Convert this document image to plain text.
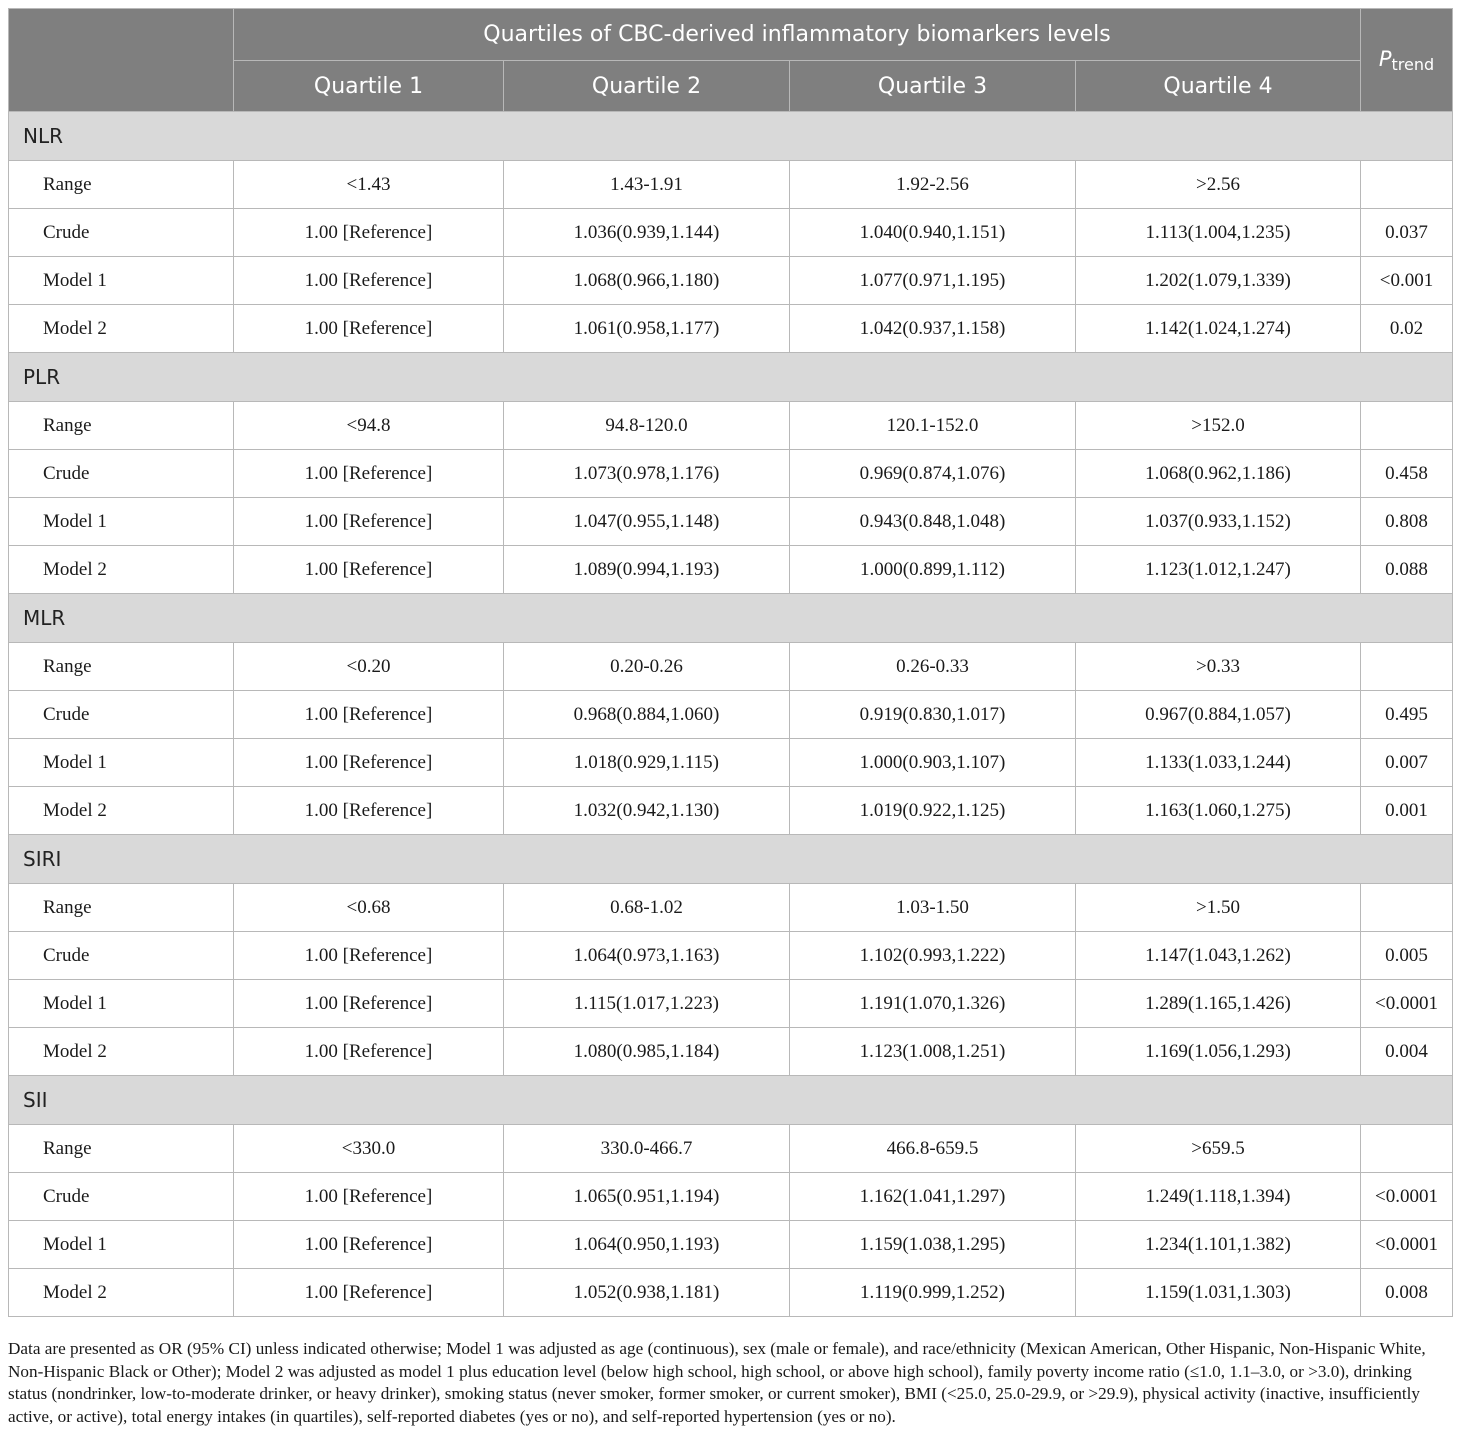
	Quartiles of CBC-derived inflammatory biomarkers levels				$P_{trend}$
	Quartile 1	Quartile 2	Quartile 3	Quartile 4	
NLR					
Range	<1.43	1.43-1.91	1.92-2.56	>2.56	
Crude	1.00 [Reference]	1.036(0.939,1.144)	1.040(0.940,1.151)	1.113(1.004,1.235)	0.037
Model 1	1.00 [Reference]	1.068(0.966,1.180)	1.077(0.971,1.195)	1.202(1.079,1.339)	<0.001
Model 2	1.00 [Reference]	1.061(0.958,1.177)	1.042(0.937,1.158)	1.142(1.024,1.274)	0.02
PLR					
Range	<94.8	94.8-120.0	120.1-152.0	>152.0	
Crude	1.00 [Reference]	1.073(0.978,1.176)	0.969(0.874,1.076)	1.068(0.962,1.186)	0.458
Model 1	1.00 [Reference]	1.047(0.955,1.148)	0.943(0.848,1.048)	1.037(0.933,1.152)	0.808
Model 2	1.00 [Reference]	1.089(0.994,1.193)	1.000(0.899,1.112)	1.123(1.012,1.247)	0.088
MLR					
Range	<0.20	0.20-0.26	0.26-0.33	>0.33	
Crude	1.00 [Reference]	0.968(0.884,1.060)	0.919(0.830,1.017)	0.967(0.884,1.057)	0.495
Model 1	1.00 [Reference]	1.018(0.929,1.115)	1.000(0.903,1.107)	1.133(1.033,1.244)	0.007
Model 2	1.00 [Reference]	1.032(0.942,1.130)	1.019(0.922,1.125)	1.163(1.060,1.275)	0.001
SIRI					
Range	<0.68	0.68-1.02	1.03-1.50	>1.50	
Crude	1.00 [Reference]	1.064(0.973,1.163)	1.102(0.993,1.222)	1.147(1.043,1.262)	0.005
Model 1	1.00 [Reference]	1.115(1.017,1.223)	1.191(1.070,1.326)	1.289(1.165,1.426)	<0.0001
Model 2	1.00 [Reference]	1.080(0.985,1.184)	1.123(1.008,1.251)	1.169(1.056,1.293)	0.004
SII					
Range	<330.0	330.0-466.7	466.8-659.5	>659.5	
Crude	1.00 [Reference]	1.065(0.951,1.194)	1.162(1.041,1.297)	1.249(1.118,1.394)	<0.0001
Model 1	1.00 [Reference]	1.064(0.950,1.193)	1.159(1.038,1.295)	1.234(1.101,1.382)	<0.0001
Model 2	1.00 [Reference]	1.052(0.938,1.181)	1.119(0.999,1.252)	1.159(1.031,1.303)	0.008
Data are presented as OR (95% CI) unless indicated otherwise; Model 1 was adjusted as age (continuous), sex (male or female), and race/ethnicity (Mexican American, Other Hispanic, Non-Hispanic White, Non-Hispanic Black or Other); Model 2 was adjusted as model 1 plus education level (below high school, high school, or above high school), family poverty income ratio (≤1.0, 1.1–3.0, or >3.0), drinking status (nondrinker, low-to-moderate drinker, or heavy drinker), smoking status (never smoker, former smoker, or current smoker), BMI (<25.0, 25.0-29.9, or >29.9), physical activity (inactive, insufficiently active, or active), total energy intakes (in quartiles), self-reported diabetes (yes or no), and self-reported hypertension (yes or no).
